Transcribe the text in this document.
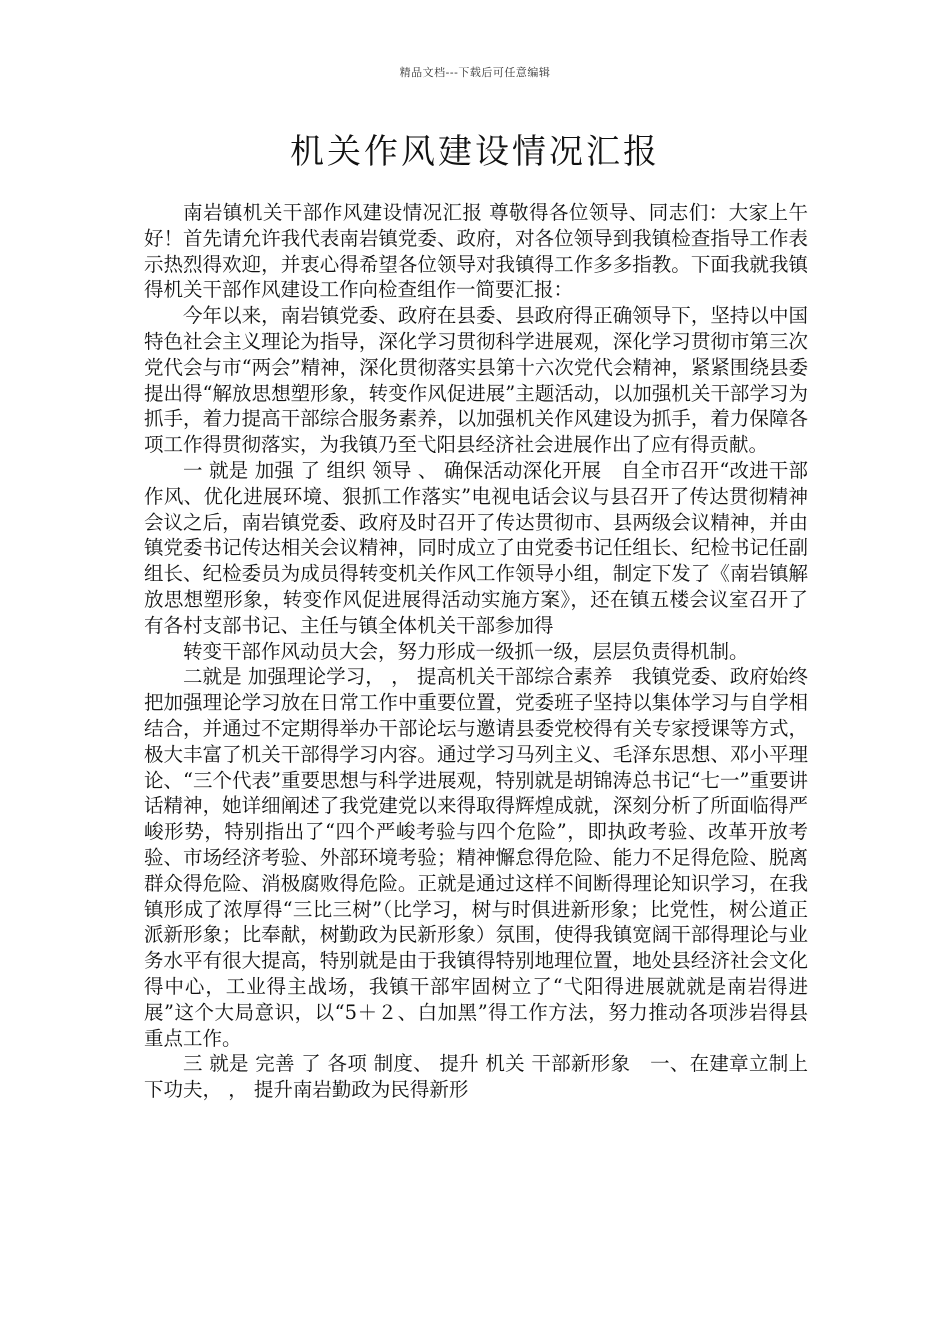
精品文档---下载后可任意编辑
机关作风建设情况汇报

南岩镇机关干部作风建设情况汇报 尊敬得各位领导、同志们：大家上午好！首先请允许我代表南岩镇党委、政府，对各位领导到我镇检查指导工作表示热烈得欢迎，并衷心得希望各位领导对我镇得工作多多指教。下面我就我镇得机关干部作风建设工作向检查组作一简要汇报：

今年以来，南岩镇党委、政府在县委、县政府得正确领导下，坚持以中国特色社会主义理论为指导，深化学习贯彻科学进展观，深化学习贯彻市第三次党代会与市“两会”精神，深化贯彻落实县第十六次党代会精神，紧紧围绕县委提出得“解放思想塑形象，转变作风促进展”主题活动，以加强机关干部学习为抓手，着力提高干部综合服务素养，以加强机关作风建设为抓手，着力保障各项工作得贯彻落实，为我镇乃至弋阳县经济社会进展作出了应有得贡献。

一 就是 加强 了 组织 领导 、 确保活动深化开展　自全市召开“改进干部作风、优化进展环境、狠抓工作落实”电视电话会议与县召开了传达贯彻精神会议之后，南岩镇党委、政府及时召开了传达贯彻市、县两级会议精神，并由镇党委书记传达相关会议精神，同时成立了由党委书记任组长、纪检书记任副组长、纪检委员为成员得转变机关作风工作领导小组，制定下发了《南岩镇解放思想塑形象，转变作风促进展得活动实施方案》，还在镇五楼会议室召开了有各村支部书记、主任与镇全体机关干部参加得

转变干部作风动员大会，努力形成一级抓一级，层层负责得机制。

二就是 加强理论学习， ， 提高机关干部综合素养　我镇党委、政府始终把加强理论学习放在日常工作中重要位置，党委班子坚持以集体学习与自学相结合，并通过不定期得举办干部论坛与邀请县委党校得有关专家授课等方式，极大丰富了机关干部得学习内容。通过学习马列主义、毛泽东思想、邓小平理论、“三个代表”重要思想与科学进展观，特别就是胡锦涛总书记“七一”重要讲话精神，她详细阐述了我党建党以来得取得辉煌成就，深刻分析了所面临得严峻形势，特别指出了“四个严峻考验与四个危险”，即执政考验、改革开放考验、市场经济考验、外部环境考验；精神懈怠得危险、能力不足得危险、脱离群众得危险、消极腐败得危险。正就是通过这样不间断得理论知识学习，在我镇形成了浓厚得“三比三树”（比学习，树与时俱进新形象；比党性，树公道正派新形象；比奉献，树勤政为民新形象）氛围，使得我镇宽阔干部得理论与业务水平有很大提高，特别就是由于我镇得特别地理位置，地处县经济社会文化得中心，工业得主战场，我镇干部牢固树立了“弋阳得进展就就是南岩得进展”这个大局意识，以“5＋２、白加黑”得工作方法，努力推动各项涉岩得县重点工作。

三 就是 完善 了 各项 制度、 提升 机关 干部新形象　一、在建章立制上下功夫， ， 提升南岩勤政为民得新形
